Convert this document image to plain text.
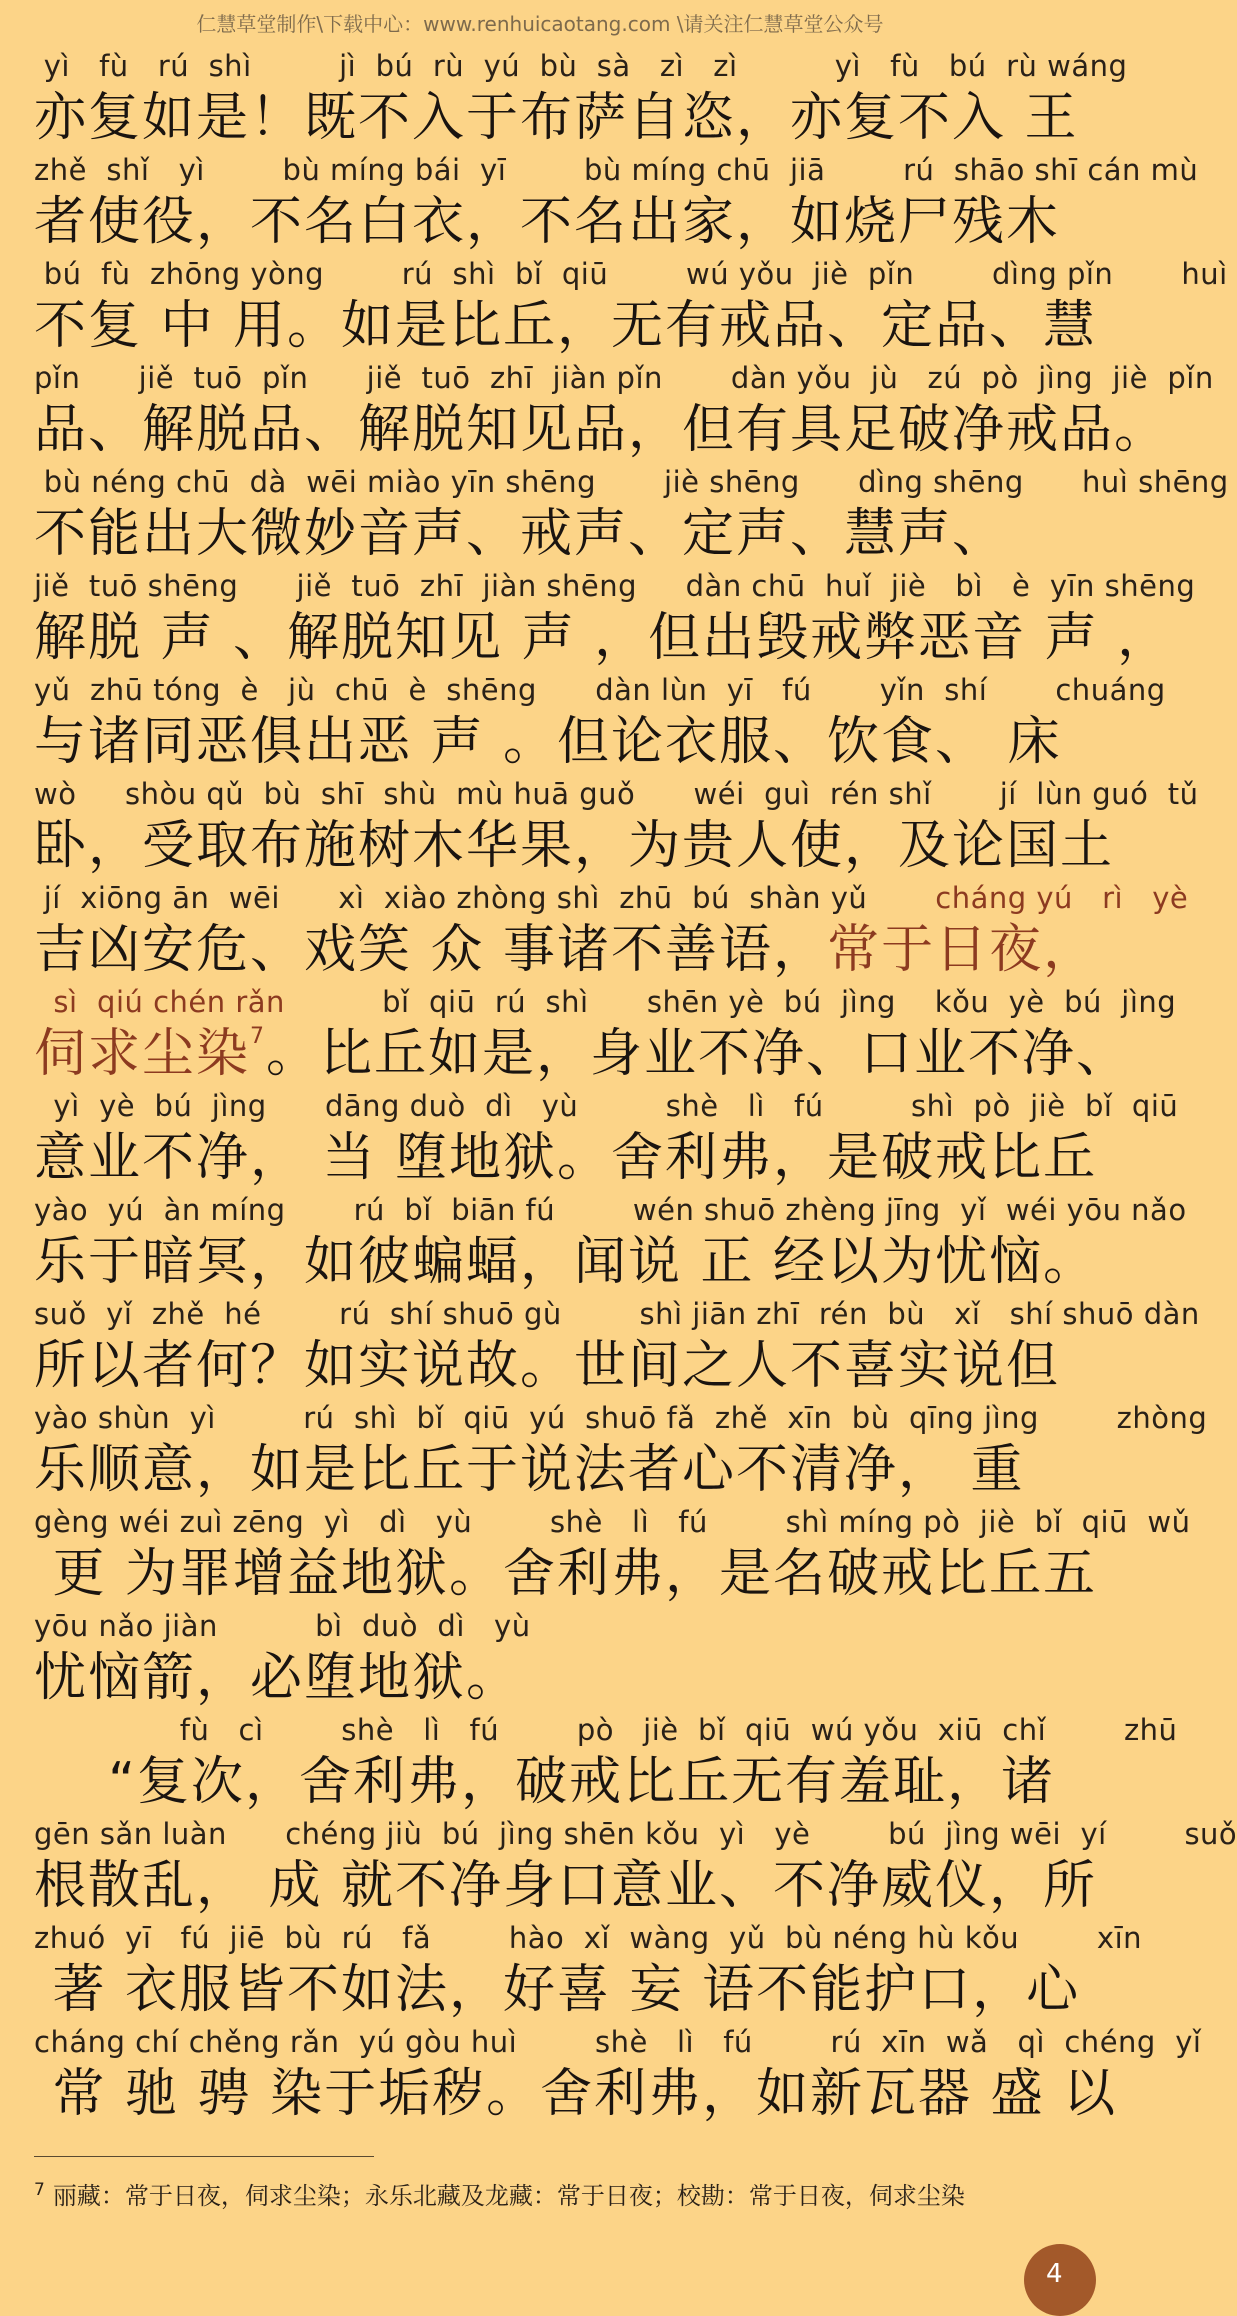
仁慧草堂制作\下载中心：www.renhuicaotang.com \请关注仁慧草堂公众号
yì   fù   rú  shì         jì  bú  rù  yú  bù  sà   zì   zì          yì   fù   bú  rù wáng
亦复如是！既不入于布萨自恣，亦复不入 王
zhě  shǐ   yì        bù míng bái  yī        bù míng chū  jiā        rú  shāo shī cán mù
者使役，不名白衣，不名出家，如烧尸残木
bú  fù  zhōng yòng        rú  shì  bǐ  qiū        wú yǒu  jiè  pǐn        dìng pǐn       huì
不复 中 用。如是比丘，无有戒品、定品、慧
pǐn      jiě  tuō  pǐn      jiě  tuō  zhī  jiàn pǐn       dàn yǒu  jù   zú  pò  jìng  jiè  pǐn
品、解脱品、解脱知见品，但有具足破净戒品。
bù néng chū  dà  wēi miào yīn shēng       jiè shēng      dìng shēng      huì shēng
不能出大微妙音声、戒声、定声、慧声、
jiě  tuō shēng      jiě  tuō  zhī  jiàn shēng     dàn chū  huǐ  jiè   bì   è  yīn shēng
解脱 声 、解脱知见 声 ，但出毁戒弊恶音 声 ，
yǔ  zhū tóng  è   jù  chū  è  shēng      dàn lùn  yī   fú       yǐn  shí       chuáng
与诸同恶俱出恶 声 。但论衣服、饮食、 床
wò     shòu qǔ  bù  shī  shù  mù huā guǒ      wéi  guì  rén shǐ       jí  lùn guó  tǔ
卧，受取布施树木华果，为贵人使，及论国土
jí  xiōng ān  wēi      xì  xiào zhòng shì  zhū  bú  shàn yǔ       cháng yú   rì   yè
吉凶安危、戏笑 众 事诸不善语，常于日夜，
sì  qiú chén rǎn          bǐ  qiū  rú  shì      shēn yè  bú  jìng    kǒu  yè  bú  jìng
伺求尘染$^7$。比丘如是，身业不净、口业不净、
yì  yè  bú  jìng      dāng duò  dì   yù         shè   lì   fú         shì  pò  jiè  bǐ  qiū
意业不净， 当 堕地狱。舍利弗，是破戒比丘
yào  yú  àn míng       rú  bǐ  biān fú        wén shuō zhèng jīng  yǐ  wéi yōu nǎo
乐于暗冥，如彼蝙蝠，闻说 正 经以为忧恼。
suǒ  yǐ  zhě  hé        rú  shí shuō gù        shì jiān zhī  rén  bù   xǐ   shí shuō dàn
所以者何？如实说故。世间之人不喜实说但
yào shùn  yì         rú  shì  bǐ  qiū  yú  shuō fǎ  zhě  xīn  bù  qīng jìng        zhòng
乐顺意，如是比丘于说法者心不清净， 重
gèng wéi zuì zēng  yì   dì   yù        shè   lì   fú        shì míng pò  jiè  bǐ  qiū  wǔ
更 为罪增益地狱。舍利弗，是名破戒比丘五
yōu nǎo jiàn          bì  duò  dì   yù
忧恼箭，必堕地狱。
fù   cì        shè   lì   fú        pò   jiè  bǐ  qiū  wú yǒu  xiū  chǐ        zhū
“复次，舍利弗，破戒比丘无有羞耻，诸
gēn sǎn luàn      chéng jiù  bú  jìng shēn kǒu  yì   yè        bú  jìng wēi  yí        suǒ
根散乱， 成 就不净身口意业、不净威仪，所
zhuó  yī   fú  jiē  bù  rú   fǎ        hào  xǐ  wàng  yǔ  bù néng hù kǒu        xīn
著 衣服皆不如法，好喜 妄 语不能护口，心
cháng chí chěng rǎn  yú gòu huì        shè   lì   fú        rú  xīn  wǎ   qì  chéng  yǐ
常 驰 骋 染于垢秽。舍利弗，如新瓦器 盛 以
$^7$ 丽藏：常于日夜，伺求尘染；永乐北藏及龙藏：常于日夜；校勘：常于日夜，伺求尘染
4
